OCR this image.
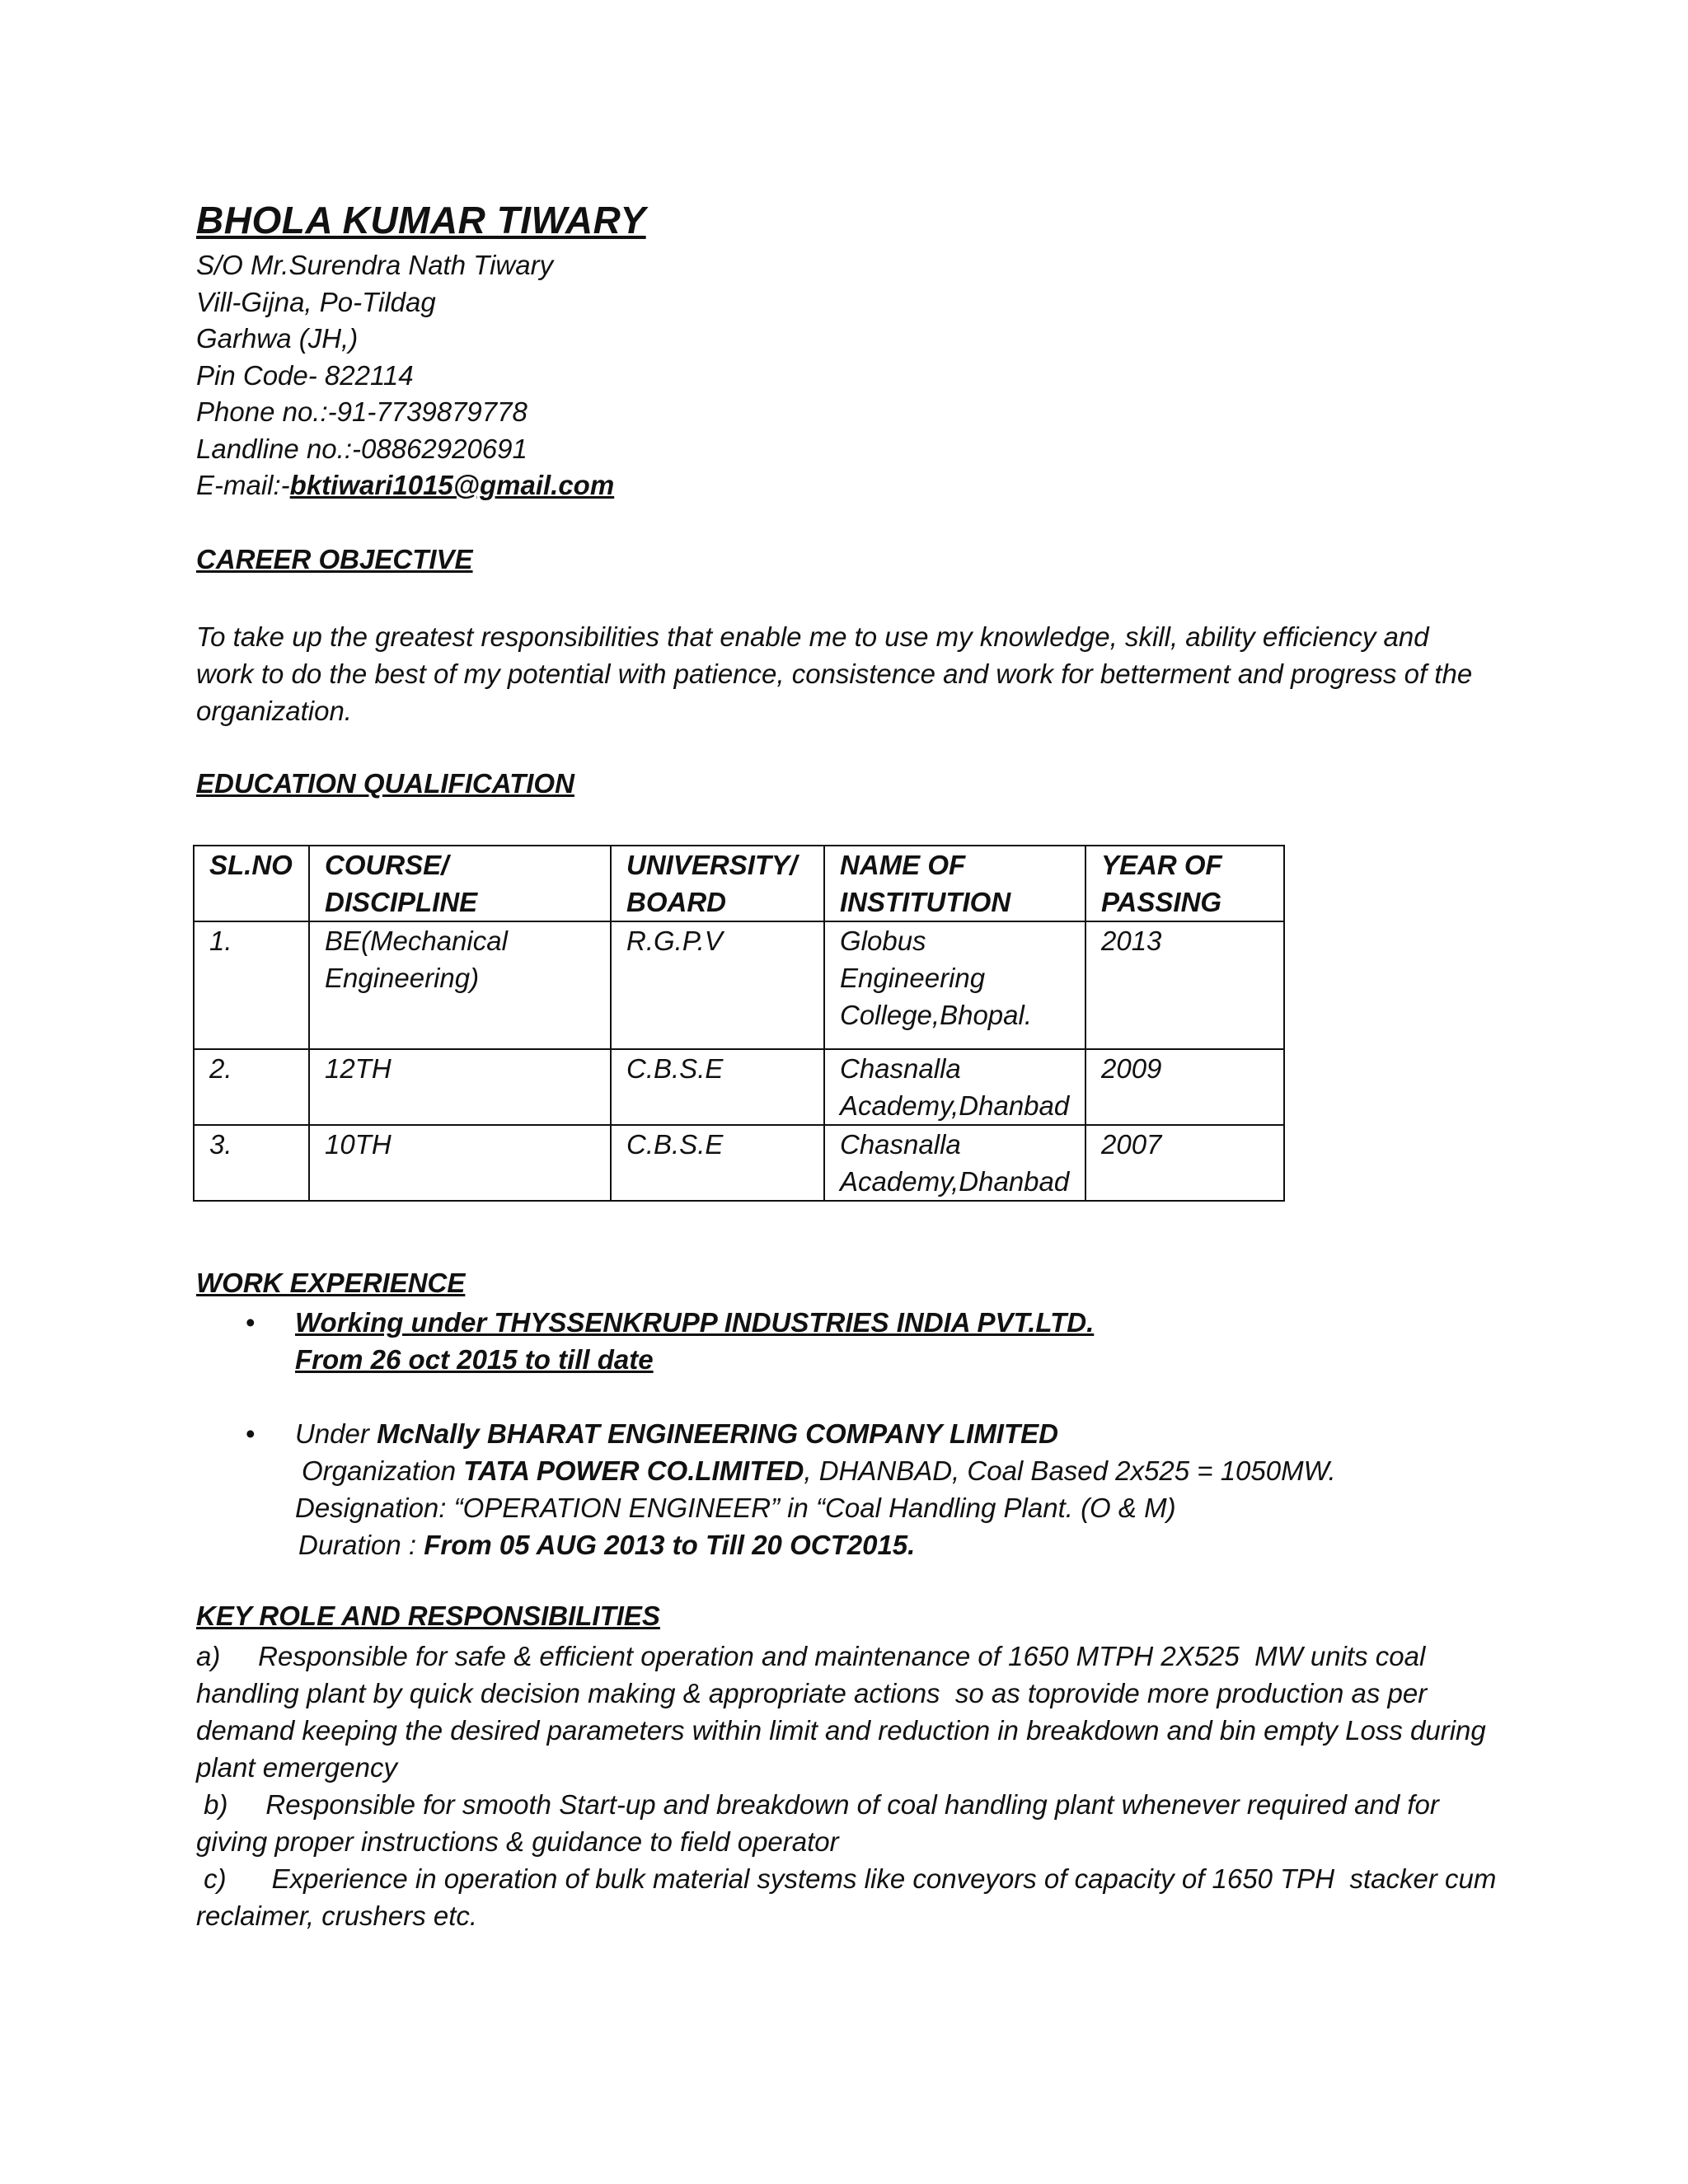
BHOLA KUMAR TIWARY
S/O Mr.Surendra Nath Tiwary
Vill-Gijna, Po-Tildag
Garhwa (JH,)
Pin Code- 822114
Phone no.:-91-7739879778
Landline no.:-08862920691
E-mail:-bktiwari1015@gmail.com
CAREER OBJECTIVE
To take up the greatest responsibilities that enable me to use my knowledge, skill, ability efficiency and work to do the best of my potential with patience, consistence and work for betterment and progress of the organization.
EDUCATION QUALIFICATION
SL.NO	COURSE/ DISCIPLINE	UNIVERSITY/ BOARD	NAME OF INSTITUTION	YEAR OF PASSING
1.	BE(Mechanical Engineering)	R.G.P.V	Globus Engineering College,Bhopal.	2013
2.	12TH	C.B.S.E	Chasnalla Academy,Dhanbad	2009
3.	10TH	C.B.S.E	Chasnalla Academy,Dhanbad	2007
WORK EXPERIENCE
• Working under THYSSENKRUPP INDUSTRIES INDIA PVT.LTD.
From 26 oct 2015 to till date
• Under McNally BHARAT ENGINEERING COMPANY LIMITED
Organization TATA POWER CO.LIMITED, DHANBAD, Coal Based 2x525 = 1050MW.
Designation: “OPERATION ENGINEER” in “Coal Handling Plant. (O & M)
Duration : From 05 AUG 2013 to Till 20 OCT2015.
KEY ROLE AND RESPONSIBILITIES
a)     Responsible for safe & efficient operation and maintenance of 1650 MTPH 2X525  MW units coal handling plant by quick decision making & appropriate actions  so as toprovide more production as per demand keeping the desired parameters within limit and reduction in breakdown and bin empty Loss during plant emergency
b)     Responsible for smooth Start-up and breakdown of coal handling plant whenever required and for giving proper instructions & guidance to field operator
c)      Experience in operation of bulk material systems like conveyors of capacity of 1650 TPH  stacker cum reclaimer, crushers etc.
